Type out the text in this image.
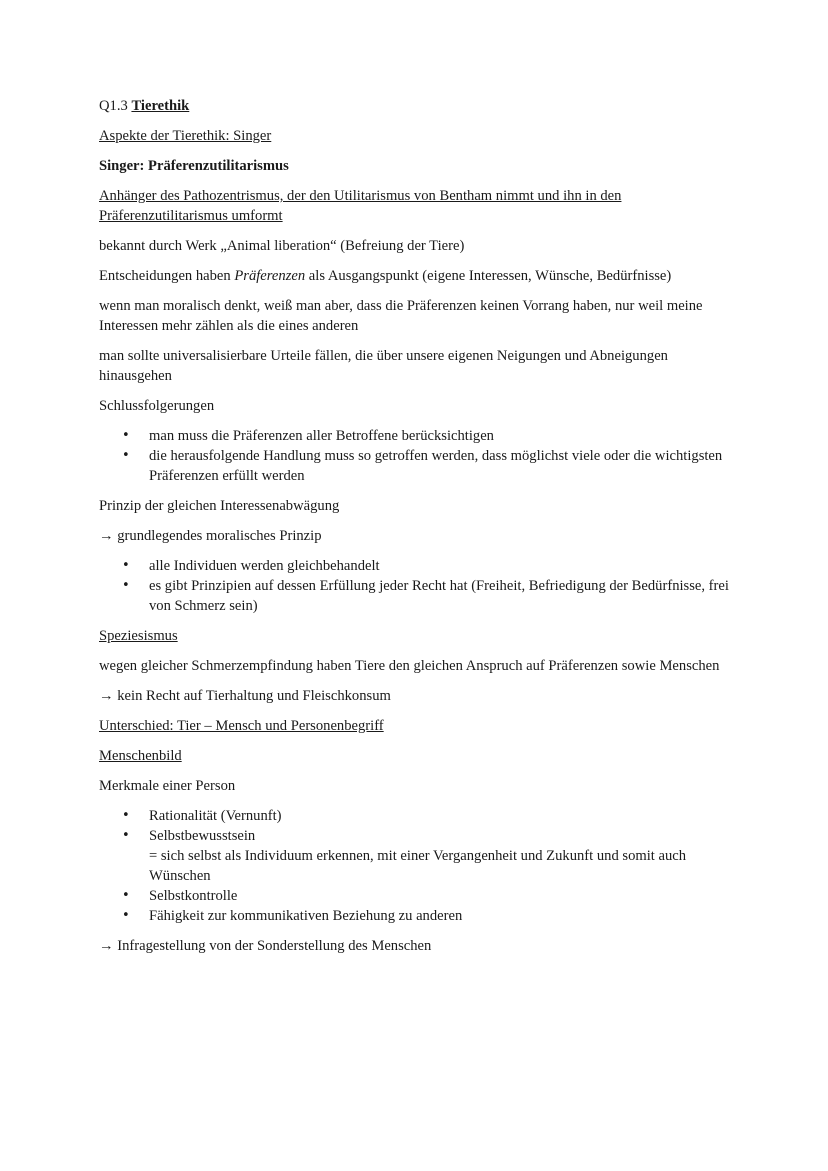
Q1.3 Tierethik

Aspekte der Tierethik: Singer

Singer: Präferenzutilitarismus

Anhänger des Pathozentrismus, der den Utilitarismus von Bentham nimmt und ihn in den Präferenzutilitarismus umformt

bekannt durch Werk „Animal liberation“ (Befreiung der Tiere)

Entscheidungen haben Präferenzen als Ausgangspunkt (eigene Interessen, Wünsche, Bedürfnisse)

wenn man moralisch denkt, weiß man aber, dass die Präferenzen keinen Vorrang haben, nur weil meine Interessen mehr zählen als die eines anderen

man sollte universalisierbare Urteile fällen, die über unsere eigenen Neigungen und Abneigungen hinausgehen

Schlussfolgerungen

• man muss die Präferenzen aller Betroffene berücksichtigen
• die herausfolgende Handlung muss so getroffen werden, dass möglichst viele oder die wichtigsten Präferenzen erfüllt werden

Prinzip der gleichen Interessenabwägung

→ grundlegendes moralisches Prinzip

• alle Individuen werden gleichbehandelt
• es gibt Prinzipien auf dessen Erfüllung jeder Recht hat (Freiheit, Befriedigung der Bedürfnisse, frei von Schmerz sein)

Speziesismus

wegen gleicher Schmerzempfindung haben Tiere den gleichen Anspruch auf Präferenzen sowie Menschen

→ kein Recht auf Tierhaltung und Fleischkonsum

Unterschied: Tier – Mensch und Personenbegriff

Menschenbild

Merkmale einer Person

• Rationalität (Vernunft)
• Selbstbewusstsein
= sich selbst als Individuum erkennen, mit einer Vergangenheit und Zukunft und somit auch Wünschen
• Selbstkontrolle
• Fähigkeit zur kommunikativen Beziehung zu anderen

→ Infragestellung von der Sonderstellung des Menschen
